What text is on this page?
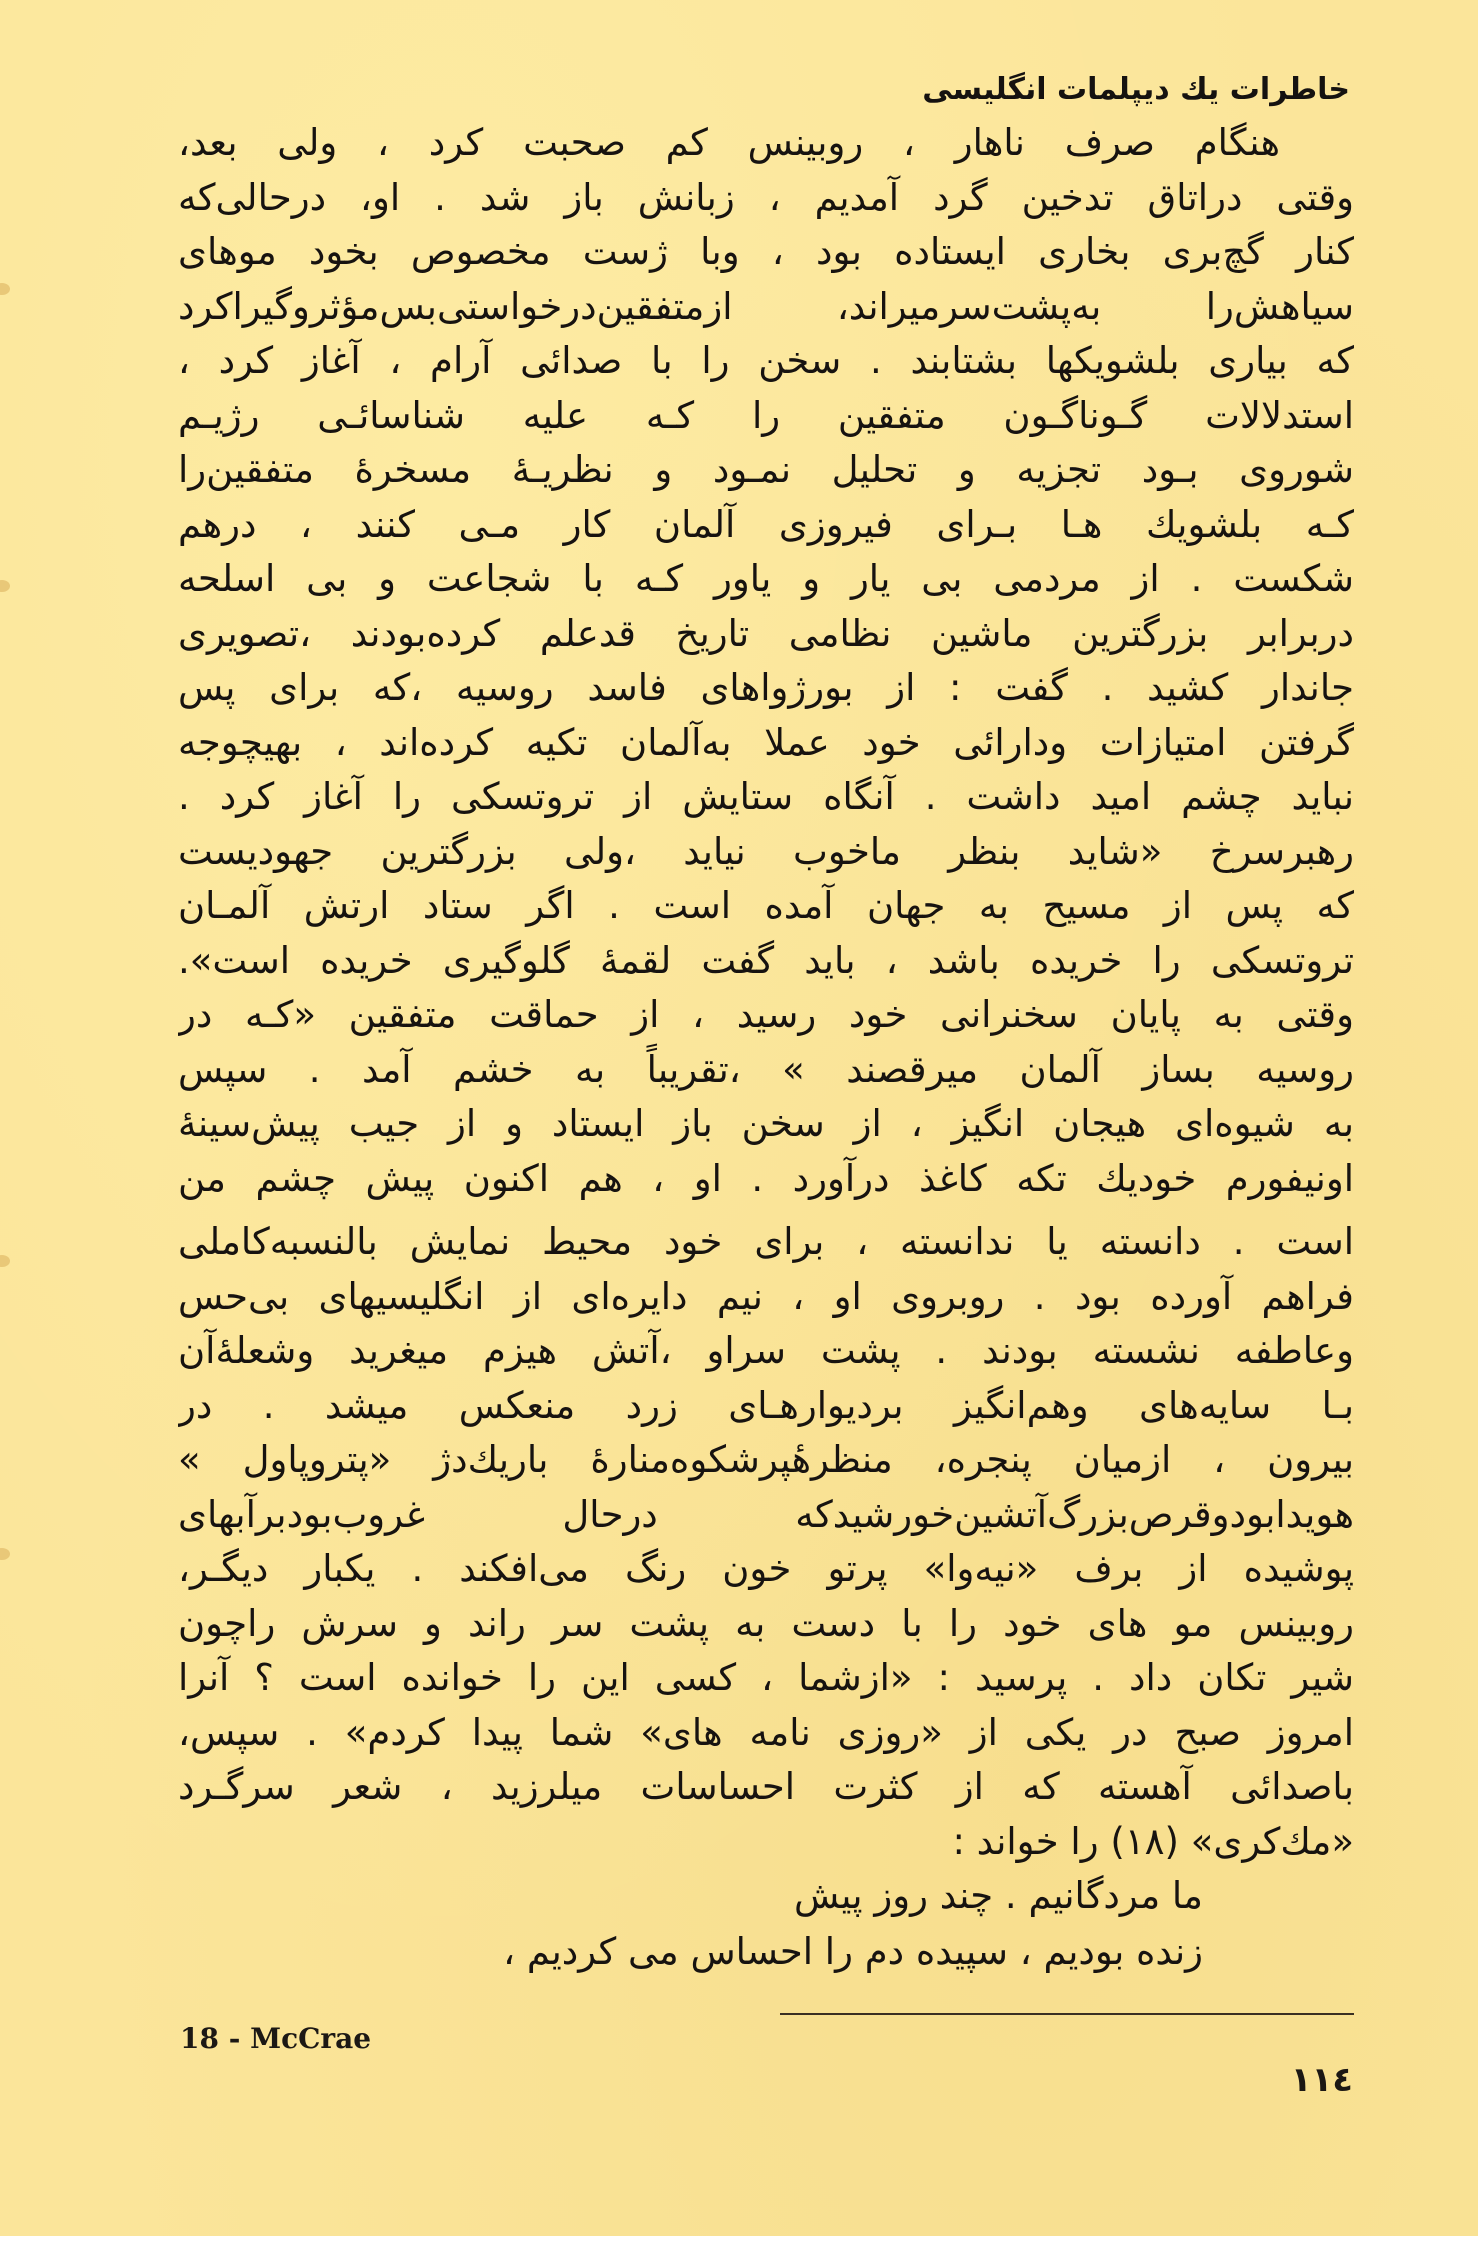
خاطرات يك ديپلمات انگليسى
هنگام صرف ناهار ، روبينس كم صحبت كرد ، ولى بعد،
وقتى دراتاق تدخين گرد آمديم ، زبانش باز شد . او، درحالى‌كه
كنار گچ‌برى بخارى ايستاده بود ، وبا ژست مخصوص بخود موهاى
سياهش‌را به‌پشت‌سرميراند، ازمتفقين‌درخواستى‌بس‌مؤثروگيراكرد
كه بيارى بلشويكها بشتابند . سخن را با صدائى آرام ، آغاز كرد ،
استدلالات گـوناگـون متفقين را كـه عليه شناسائـى رژيـم
شوروى بـود تجزيه و تحليل نمـود و نظريـهٔ مسخرهٔ متفقين‌را
كـه بلشويك هـا بـراى فيروزى آلمان كار مـى كنند ، درهم
شكست . از مردمى بى يار و ياور كـه با شجاعت و بى اسلحه
دربرابر بزرگترين ماشين نظامى تاريخ قدعلم كرده‌بودند ،تصويرى
جاندار كشيد . گفت : از بورژواهاى فاسد روسيه ،كه براى پس
گرفتن امتيازات ودارائى خود عملا به‌آلمان تكيه كرده‌اند ، بهيچوجه
نبايد چشم اميد داشت . آنگاه ستايش از تروتسكى را آغاز كرد .
رهبرسرخ «شايد بنظر ماخوب نيايد ،ولى بزرگترين جهوديست
كه پس از مسيح به جهان آمده است . اگر ستاد ارتش آلمـان
تروتسكى را خريده باشد ، بايد گفت لقمهٔ گلوگيرى خريده است».
وقتى به پايان سخنرانى خود رسيد ، از حماقت متفقين «كـه در
روسيه بساز آلمان ميرقصند » ،تقريباً به خشم آمد . سپس
به شيوه‌اى هيجان انگيز ، از سخن باز ايستاد و از جيب پيش‌سينهٔ
اونيفورم خوديك تكه كاغذ درآورد . او ، هم اكنون پيش چشم من
است . دانسته يا ندانسته ، براى خود محيط نمايش بالنسبه‌كاملى
فراهم آورده بود . روبروى او ، نيم دايره‌اى از انگليسيهاى بى‌حس
وعاطفه نشسته بودند . پشت سراو ،آتش هيزم ميغريد وشعلهٔ‌آن
بـا سايه‌هاى وهم‌انگيز برديوارهـاى زرد منعكس ميشد . در
بيرون ، ازميان پنجره، منظرهٔپرشكوه‌منارهٔ باريك‌دژ «پتروپاول »
هويدابودوقرص‌بزرگ‌آتشين‌خورشيدكه درحال غروب‌بودبرآبهاى
پوشيده از برف «نيه‌وا» پرتو خون رنگ مى‌افكند . يكبار ديگـر،
روبينس مو هاى خود را با دست به پشت سر راند و سرش راچون
شير تكان داد . پرسيد : «ازشما ، كسى اين را خوانده است ؟ آنرا
امروز صبح در يكى از «روزى نامه هاى» شما پيدا كردم» . سپس،
باصدائى آهسته كه از كثرت احساسات ميلرزيد ، شعر سرگـرد
«مك‌كرى» (١٨) را خواند :
ما مردگانيم . چند روز پيش
زنده بوديم ، سپيده دم را احساس مى كرديم ،
18 - McCrae
١١٤
